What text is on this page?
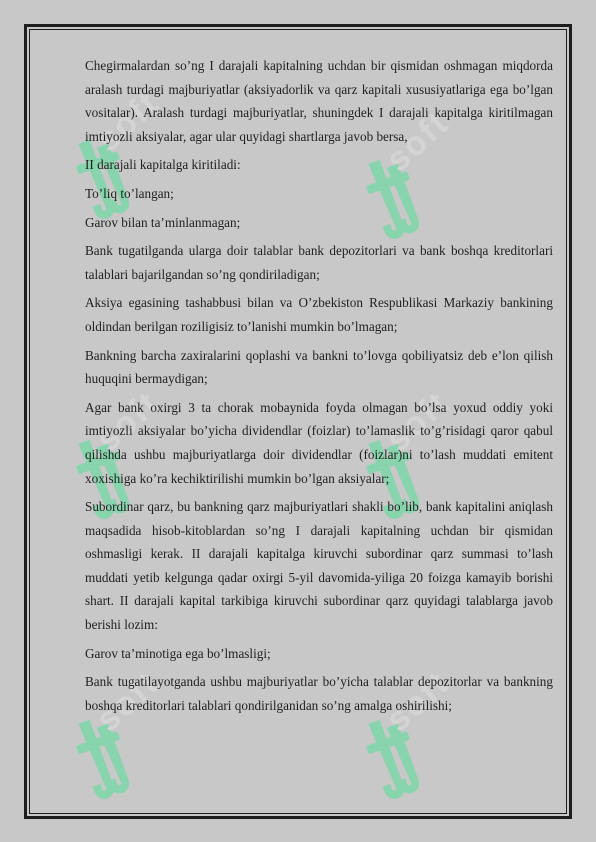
soft	soft
soft	soft
soft	soft

Chegirmalardan so’ng I darajali kapitalning uchdan bir qismidan oshmagan miqdorda aralash turdagi majburiyatlar (aksiyadorlik va qarz kapitali xususiyatlariga ega bo’lgan vositalar). Aralash turdagi majburiyatlar, shuningdek I darajali kapitalga kiritilmagan imtiyozli aksiyalar, agar ular quyidagi shartlarga javob bersa,

II darajali kapitalga kiritiladi:

To’liq to’langan;

Garov bilan ta’minlanmagan;

Bank tugatilganda ularga doir talablar bank depozitorlari va bank boshqa kreditorlari talablari bajarilgandan so’ng qondiriladigan;

Aksiya egasining tashabbusi bilan va O’zbekiston Respublikasi Markaziy bankining oldindan berilgan roziligisiz to’lanishi mumkin bo’lmagan;

Bankning barcha zaxiralarini qoplashi va bankni to’lovga qobiliyatsiz deb e’lon qilish huquqini bermaydigan;

Agar bank oxirgi 3 ta chorak mobaynida foyda olmagan bo’lsa yoxud oddiy yoki imtiyozli aksiyalar bo’yicha dividendlar (foizlar) to’lamaslik to’g’risidagi qaror qabul qilishda ushbu majburiyatlarga doir dividendlar (foizlar)ni to’lash muddati emitent xoxishiga ko’ra kechiktirilishi mumkin bo’lgan aksiyalar;

Subordinar qarz, bu bankning qarz majburiyatlari shakli bo’lib, bank kapitalini aniqlash maqsadida hisob-kitoblardan so’ng I darajali kapitalning uchdan bir qismidan oshmasligi kerak. II darajali kapitalga kiruvchi subordinar qarz summasi to’lash muddati yetib kelgunga qadar oxirgi 5-yil davomida-yiliga 20 foizga kamayib borishi shart. II darajali kapital tarkibiga kiruvchi subordinar qarz quyidagi talablarga javob berishi lozim:

Garov ta’minotiga ega bo’lmasligi;

Bank tugatilayotganda ushbu majburiyatlar bo’yicha talablar depozitorlar va bankning boshqa kreditorlari talablari qondirilganidan so’ng amalga oshirilishi;
